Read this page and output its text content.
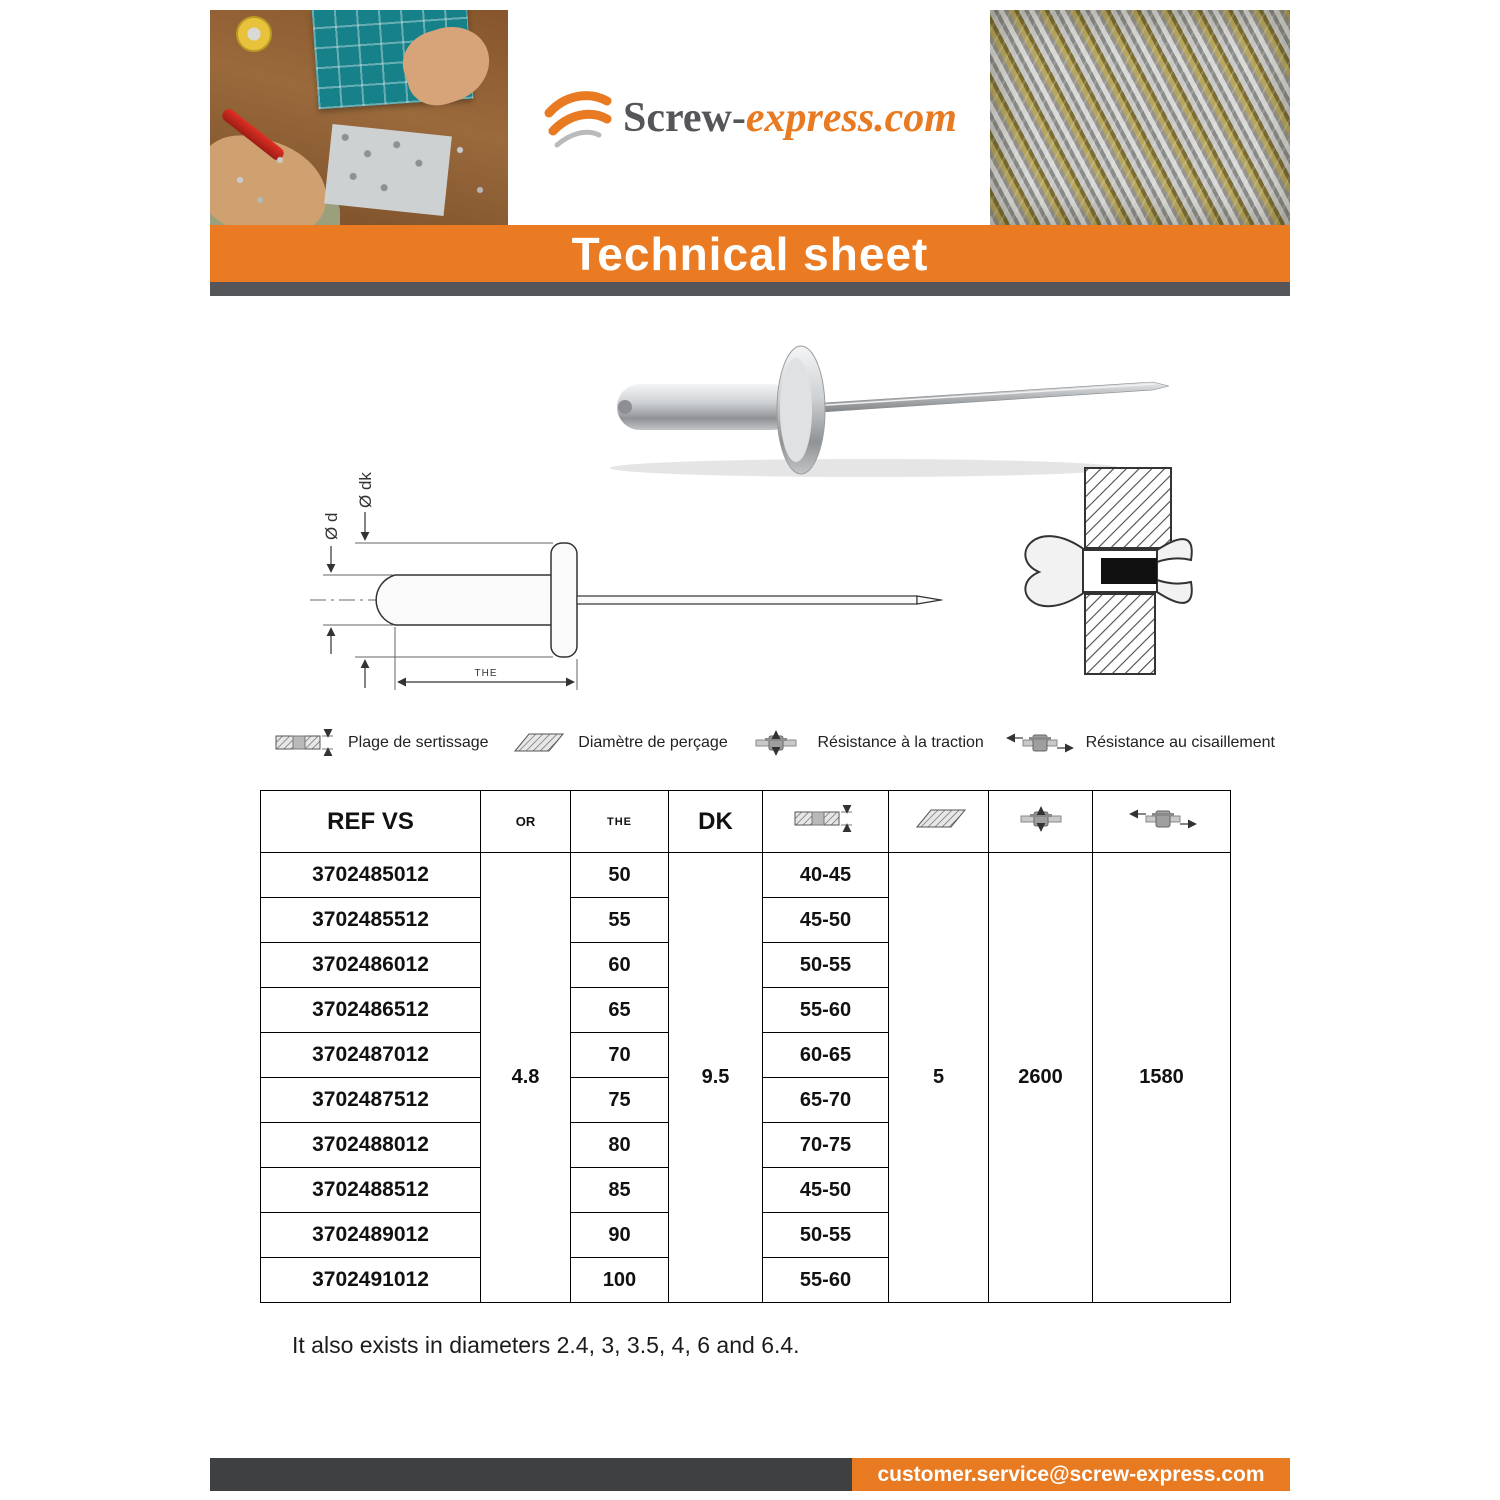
Screw-express.com
Technical sheet
Ø d
Ø dk
THE
Plage de sertissage	Diamètre de perçage	Résistance à la traction	Résistance au cisaillement
REF VS	OR	THE	DK				
3702485012	4.8	50	9.5	40-45	5	2600	1580
3702485512		55		45-50			
3702486012		60		50-55			
3702486512		65		55-60			
3702487012		70		60-65			
3702487512		75		65-70			
3702488012		80		70-75			
3702488512		85		45-50			
3702489012		90		50-55			
3702491012		100		55-60			
It also exists in diameters 2.4, 3, 3.5, 4, 6 and 6.4.
customer.service@screw-express.com
